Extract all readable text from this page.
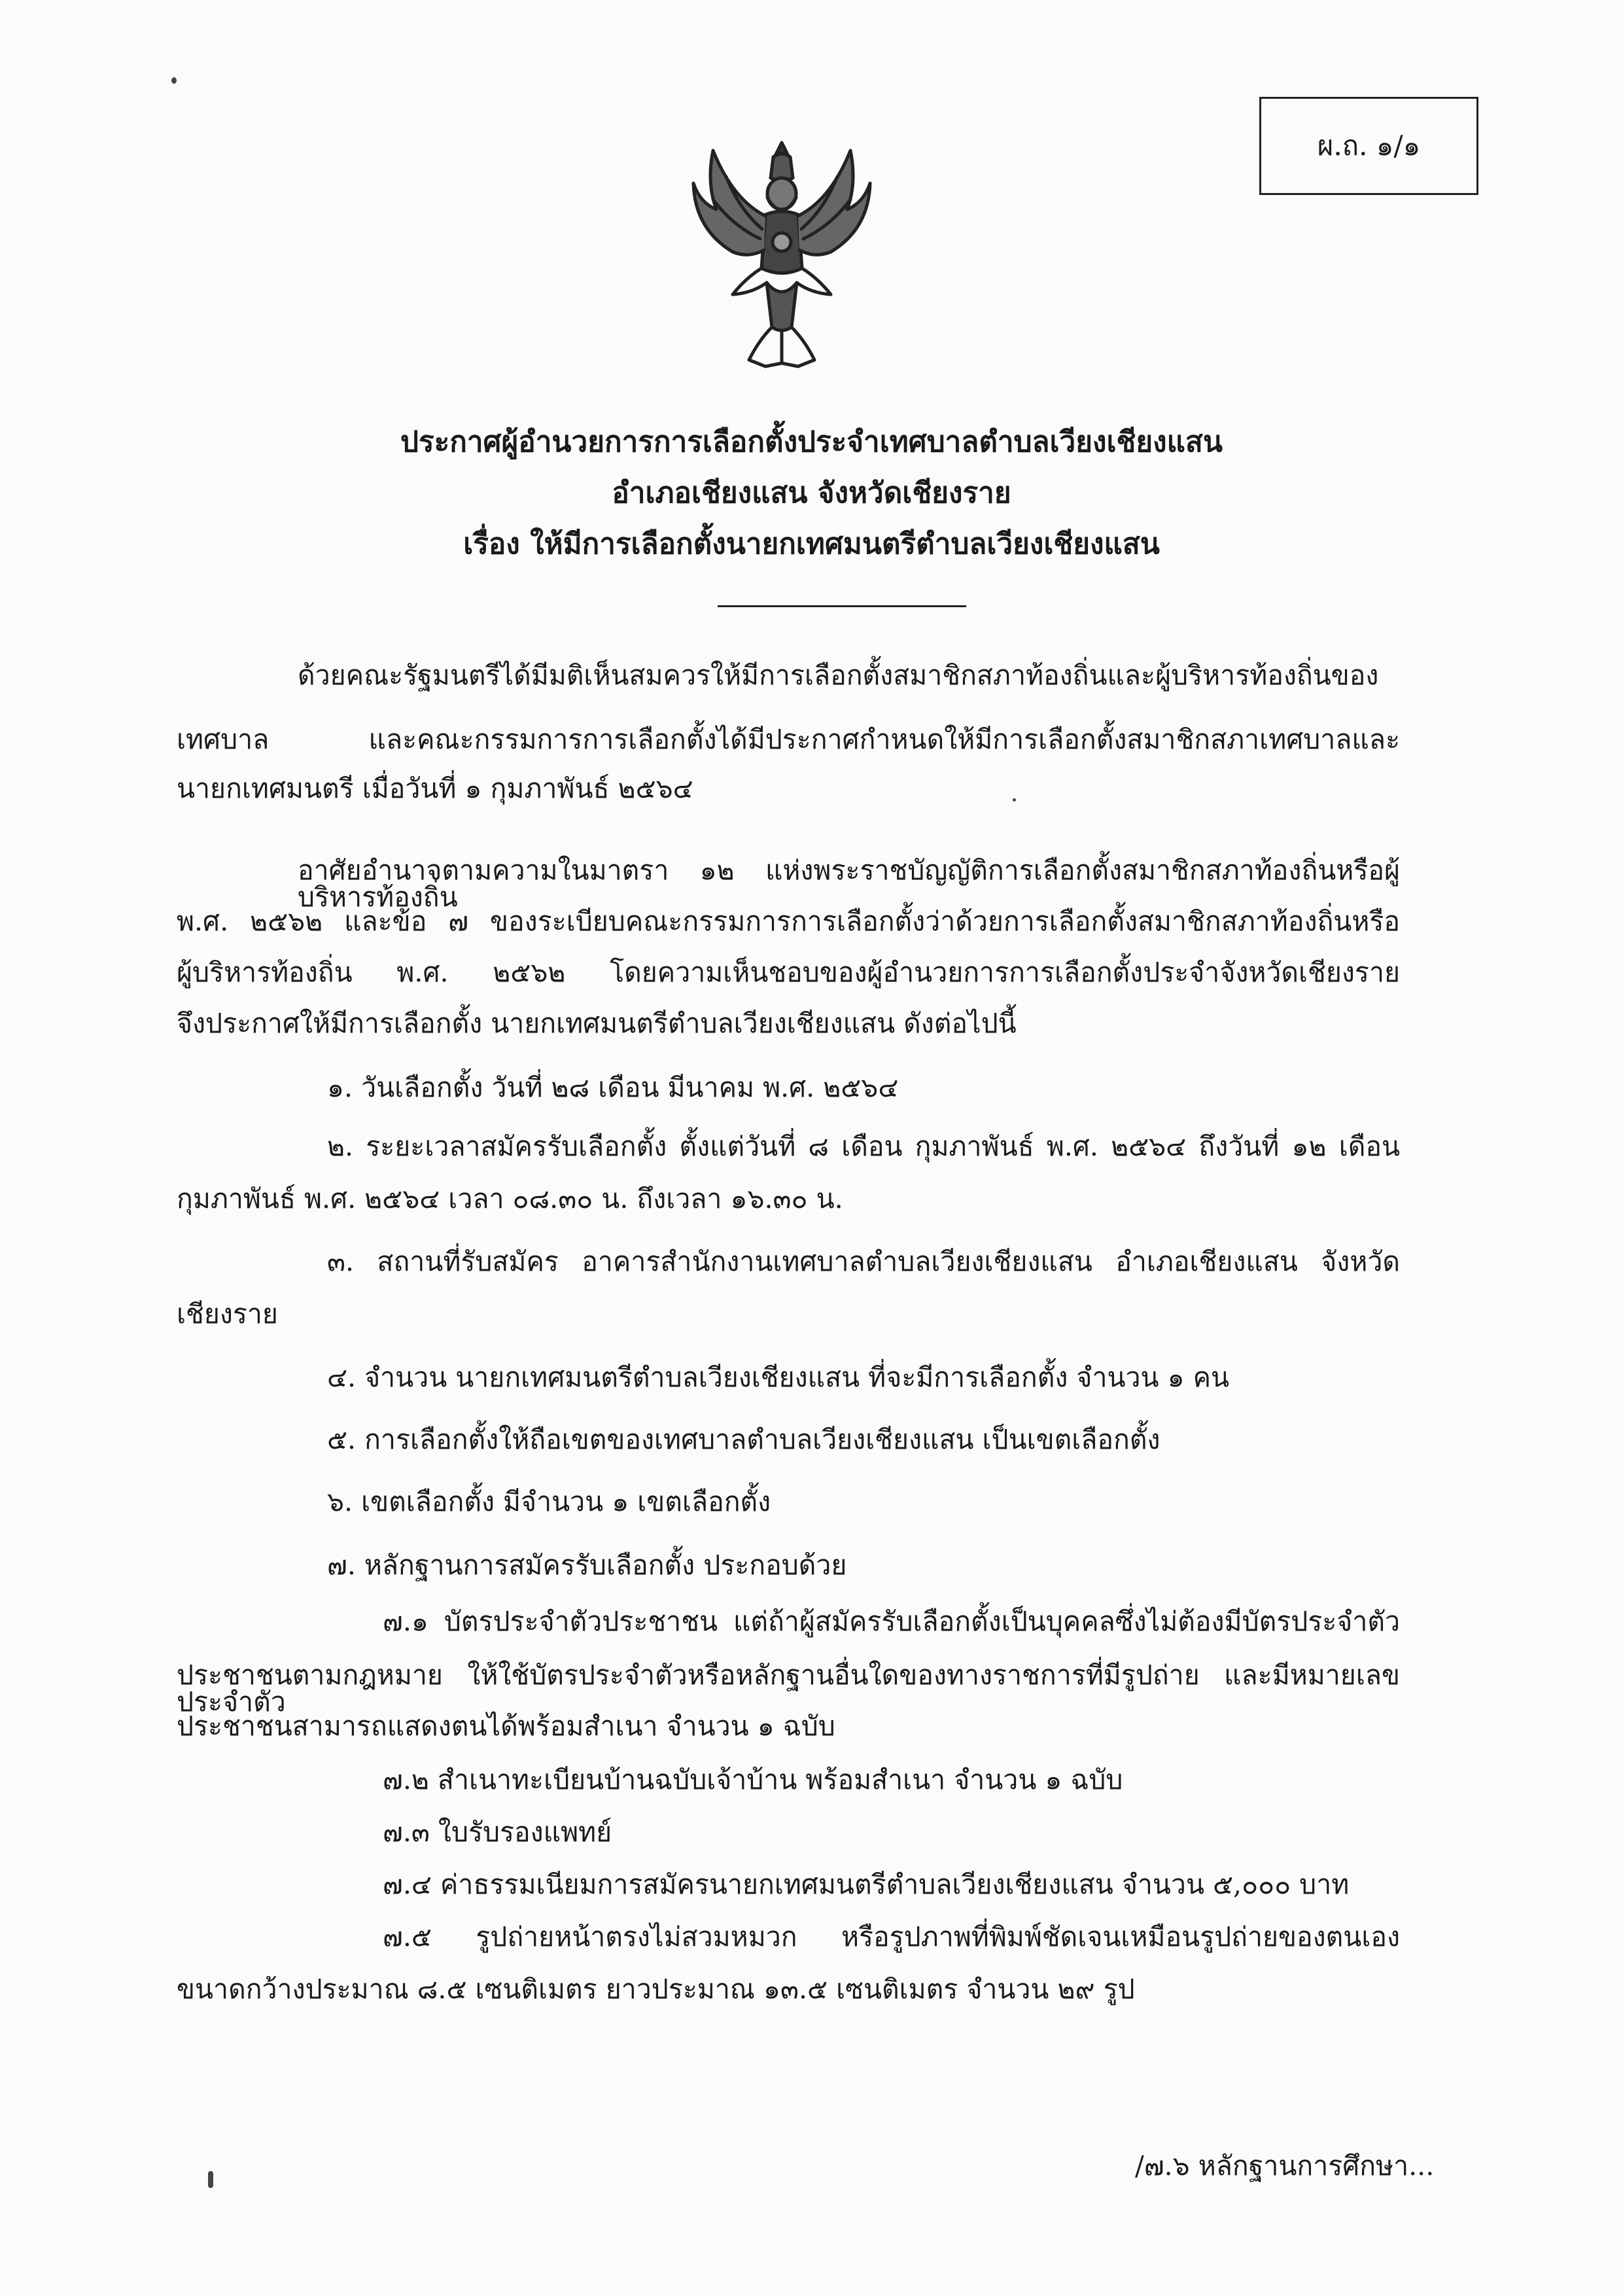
ผ.ถ. ๑/๑
ประกาศผู้อำนวยการการเลือกตั้งประจำเทศบาลตำบลเวียงเชียงแสน
อำเภอเชียงแสน จังหวัดเชียงราย
เรื่อง ให้มีการเลือกตั้งนายกเทศมนตรีตำบลเวียงเชียงแสน
ด้วยคณะรัฐมนตรีได้มีมติเห็นสมควรให้มีการเลือกตั้งสมาชิกสภาท้องถิ่นและผู้บริหารท้องถิ่นของ
เทศบาล และคณะกรรมการการเลือกตั้งได้มีประกาศกำหนดให้มีการเลือกตั้งสมาชิกสภาเทศบาลและ
นายกเทศมนตรี เมื่อวันที่ ๑ กุมภาพันธ์ ๒๕๖๔
อาศัยอำนาจตามความในมาตรา ๑๒ แห่งพระราชบัญญัติการเลือกตั้งสมาชิกสภาท้องถิ่นหรือผู้บริหารท้องถิ่น
พ.ศ. ๒๕๖๒ และข้อ ๗ ของระเบียบคณะกรรมการการเลือกตั้งว่าด้วยการเลือกตั้งสมาชิกสภาท้องถิ่นหรือ
ผู้บริหารท้องถิ่น พ.ศ. ๒๕๖๒ โดยความเห็นชอบของผู้อำนวยการการเลือกตั้งประจำจังหวัดเชียงราย
จึงประกาศให้มีการเลือกตั้ง นายกเทศมนตรีตำบลเวียงเชียงแสน ดังต่อไปนี้
๑. วันเลือกตั้ง วันที่ ๒๘ เดือน มีนาคม พ.ศ. ๒๕๖๔
๒. ระยะเวลาสมัครรับเลือกตั้ง ตั้งแต่วันที่ ๘ เดือน กุมภาพันธ์ พ.ศ. ๒๕๖๔ ถึงวันที่ ๑๒ เดือน
กุมภาพันธ์ พ.ศ. ๒๕๖๔ เวลา ๐๘.๓๐ น. ถึงเวลา ๑๖.๓๐ น.
๓. สถานที่รับสมัคร อาคารสำนักงานเทศบาลตำบลเวียงเชียงแสน อำเภอเชียงแสน จังหวัด
เชียงราย
๔. จำนวน นายกเทศมนตรีตำบลเวียงเชียงแสน ที่จะมีการเลือกตั้ง จำนวน ๑ คน
๕. การเลือกตั้งให้ถือเขตของเทศบาลตำบลเวียงเชียงแสน เป็นเขตเลือกตั้ง
๖. เขตเลือกตั้ง มีจำนวน ๑ เขตเลือกตั้ง
๗. หลักฐานการสมัครรับเลือกตั้ง ประกอบด้วย
๗.๑ บัตรประจำตัวประชาชน แต่ถ้าผู้สมัครรับเลือกตั้งเป็นบุคคลซึ่งไม่ต้องมีบัตรประจำตัว
ประชาชนตามกฎหมาย ให้ใช้บัตรประจำตัวหรือหลักฐานอื่นใดของทางราชการที่มีรูปถ่าย และมีหมายเลขประจำตัว
ประชาชนสามารถแสดงตนได้พร้อมสำเนา จำนวน ๑ ฉบับ
๗.๒ สำเนาทะเบียนบ้านฉบับเจ้าบ้าน พร้อมสำเนา จำนวน ๑ ฉบับ
๗.๓ ใบรับรองแพทย์
๗.๔ ค่าธรรมเนียมการสมัครนายกเทศมนตรีตำบลเวียงเชียงแสน จำนวน ๕,๐๐๐ บาท
๗.๕ รูปถ่ายหน้าตรงไม่สวมหมวก หรือรูปภาพที่พิมพ์ชัดเจนเหมือนรูปถ่ายของตนเอง
ขนาดกว้างประมาณ ๘.๕ เซนติเมตร ยาวประมาณ ๑๓.๕ เซนติเมตร จำนวน ๒๙ รูป
/๗.๖ หลักฐานการศึกษา...
